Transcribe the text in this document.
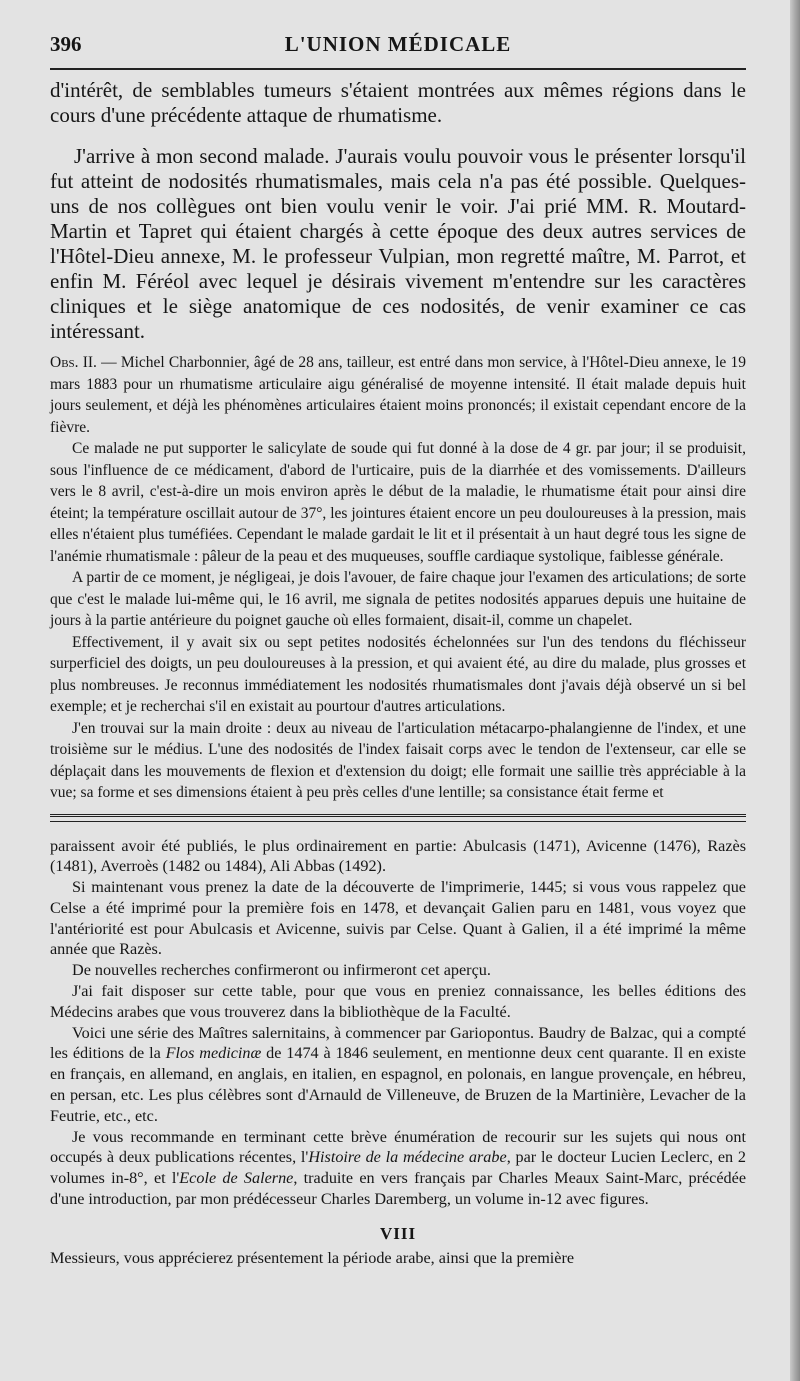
396	L'UNION MÉDICALE

d'intérêt, de semblables tumeurs s'étaient montrées aux mêmes régions dans le cours d'une précédente attaque de rhumatisme.

J'arrive à mon second malade. J'aurais voulu pouvoir vous le présenter lorsqu'il fut atteint de nodosités rhumatismales, mais cela n'a pas été possible. Quelques-uns de nos collègues ont bien voulu venir le voir. J'ai prié MM. R. Moutard-Martin et Tapret qui étaient chargés à cette époque des deux autres services de l'Hôtel-Dieu annexe, M. le professeur Vulpian, mon regretté maître, M. Parrot, et enfin M. Féréol avec lequel je désirais vivement m'entendre sur les caractères cliniques et le siège anatomique de ces nodosités, de venir examiner ce cas intéressant.

Obs. II. — Michel Charbonnier, âgé de 28 ans, tailleur, est entré dans mon service, à l'Hôtel-Dieu annexe, le 19 mars 1883 pour un rhumatisme articulaire aigu généralisé de moyenne intensité. Il était malade depuis huit jours seulement, et déjà les phénomènes articulaires étaient moins prononcés; il existait cependant encore de la fièvre.

Ce malade ne put supporter le salicylate de soude qui fut donné à la dose de 4 gr. par jour; il se produisit, sous l'influence de ce médicament, d'abord de l'urticaire, puis de la diarrhée et des vomissements. D'ailleurs vers le 8 avril, c'est-à-dire un mois environ après le début de la maladie, le rhumatisme était pour ainsi dire éteint; la température oscillait autour de 37°, les jointures étaient encore un peu douloureuses à la pression, mais elles n'étaient plus tuméfiées. Cependant le malade gardait le lit et il présentait à un haut degré tous les signe de l'anémie rhumatismale : pâleur de la peau et des muqueuses, souffle cardiaque systolique, faiblesse générale.

A partir de ce moment, je négligeai, je dois l'avouer, de faire chaque jour l'examen des articulations; de sorte que c'est le malade lui-même qui, le 16 avril, me signala de petites nodosités apparues depuis une huitaine de jours à la partie antérieure du poignet gauche où elles formaient, disait-il, comme un chapelet.

Effectivement, il y avait six ou sept petites nodosités échelonnées sur l'un des tendons du fléchisseur surperficiel des doigts, un peu douloureuses à la pression, et qui avaient été, au dire du malade, plus grosses et plus nombreuses. Je reconnus immédiatement les nodosités rhumatismales dont j'avais déjà observé un si bel exemple; et je recherchai s'il en existait au pourtour d'autres articulations.

J'en trouvai sur la main droite : deux au niveau de l'articulation métacarpo-phalangienne de l'index, et une troisième sur le médius. L'une des nodosités de l'index faisait corps avec le tendon de l'extenseur, car elle se déplaçait dans les mouvements de flexion et d'extension du doigt; elle formait une saillie très appréciable à la vue; sa forme et ses dimensions étaient à peu près celles d'une lentille; sa consistance était ferme et

paraissent avoir été publiés, le plus ordinairement en partie: Abulcasis (1471), Avicenne (1476), Razès (1481), Averroès (1482 ou 1484), Ali Abbas (1492).

Si maintenant vous prenez la date de la découverte de l'imprimerie, 1445; si vous vous rappelez que Celse a été imprimé pour la première fois en 1478, et devançait Galien paru en 1481, vous voyez que l'antériorité est pour Abulcasis et Avicenne, suivis par Celse. Quant à Galien, il a été imprimé la même année que Razès.

De nouvelles recherches confirmeront ou infirmeront cet aperçu.

J'ai fait disposer sur cette table, pour que vous en preniez connaissance, les belles éditions des Médecins arabes que vous trouverez dans la bibliothèque de la Faculté.

Voici une série des Maîtres salernitains, à commencer par Gariopontus. Baudry de Balzac, qui a compté les éditions de la Flos medicinæ de 1474 à 1846 seulement, en mentionne deux cent quarante. Il en existe en français, en allemand, en anglais, en italien, en espagnol, en polonais, en langue provençale, en hébreu, en persan, etc. Les plus célèbres sont d'Arnauld de Villeneuve, de Bruzen de la Martinière, Levacher de la Feutrie, etc., etc.

Je vous recommande en terminant cette brève énumération de recourir sur les sujets qui nous ont occupés à deux publications récentes, l'Histoire de la médecine arabe, par le docteur Lucien Leclerc, en 2 volumes in-8°, et l'Ecole de Salerne, traduite en vers français par Charles Meaux Saint-Marc, précédée d'une introduction, par mon prédécesseur Charles Daremberg, un volume in-12 avec figures.

VIII

Messieurs, vous apprécierez présentement la période arabe, ainsi que la première
